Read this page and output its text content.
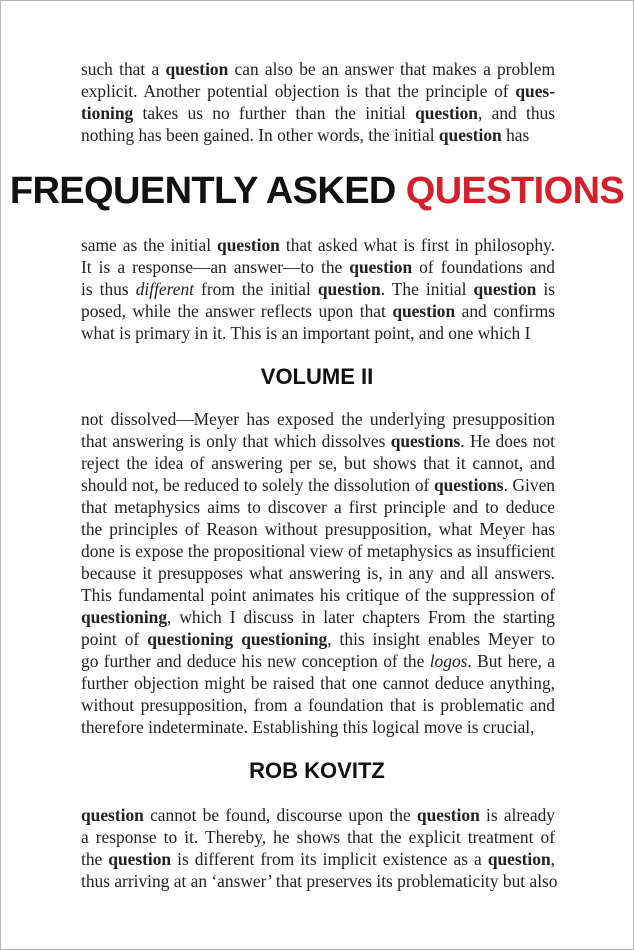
such that a question can also be an answer that makes a problem
explicit. Another potential objection is that the principle of ques-
tioning takes us no further than the initial question, and thus
nothing has been gained. In other words, the initial question has
FREQUENTLY ASKED QUESTIONS
same as the initial question that asked what is first in philosophy.
It is a response—an answer—to the question of foundations and
is thus different from the initial question. The initial question is
posed, while the answer reflects upon that question and confirms
what is primary in it. This is an important point, and one which I
VOLUME II
not dissolved—Meyer has exposed the underlying presupposition
that answering is only that which dissolves questions. He does not
reject the idea of answering per se, but shows that it cannot, and
should not, be reduced to solely the dissolution of questions. Given
that metaphysics aims to discover a first principle and to deduce
the principles of Reason without presupposition, what Meyer has
done is expose the propositional view of metaphysics as insufficient
because it presupposes what answering is, in any and all answers.
This fundamental point animates his critique of the suppression of
questioning, which I discuss in later chapters From the starting
point of questioning questioning, this insight enables Meyer to
go further and deduce his new conception of the logos. But here, a
further objection might be raised that one cannot deduce anything,
without presupposition, from a foundation that is problematic and
therefore indeterminate. Establishing this logical move is crucial,
ROB KOVITZ
question cannot be found, discourse upon the question is already
a response to it. Thereby, he shows that the explicit treatment of
the question is different from its implicit existence as a question,
thus arriving at an ‘answer’ that preserves its problematicity but also
